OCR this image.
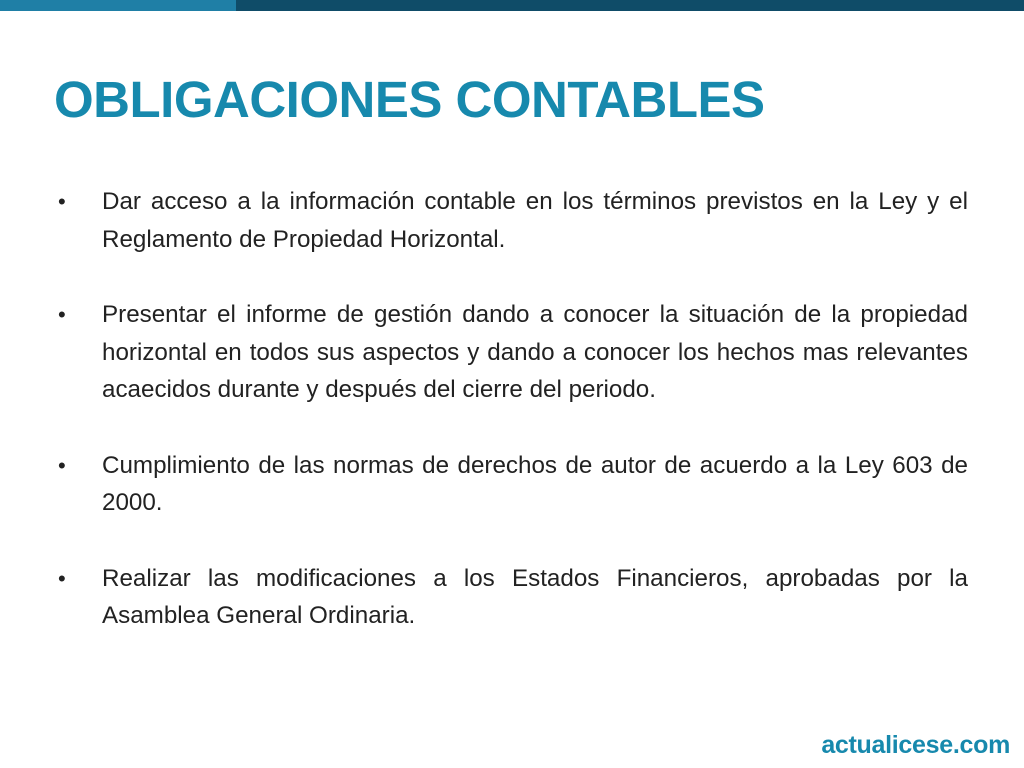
OBLIGACIONES CONTABLES
•	Dar acceso a la información contable en los términos previstos en la Ley y el Reglamento de Propiedad Horizontal.
•	Presentar el informe de gestión dando a conocer la situación de la propiedad horizontal en todos sus aspectos y dando a conocer los hechos mas relevantes acaecidos durante y después del cierre del periodo.
•	Cumplimiento de las normas de derechos de autor de acuerdo a la Ley 603 de 2000.
•	Realizar las modificaciones a los Estados Financieros, aprobadas por la Asamblea General Ordinaria.
actualicese.com
